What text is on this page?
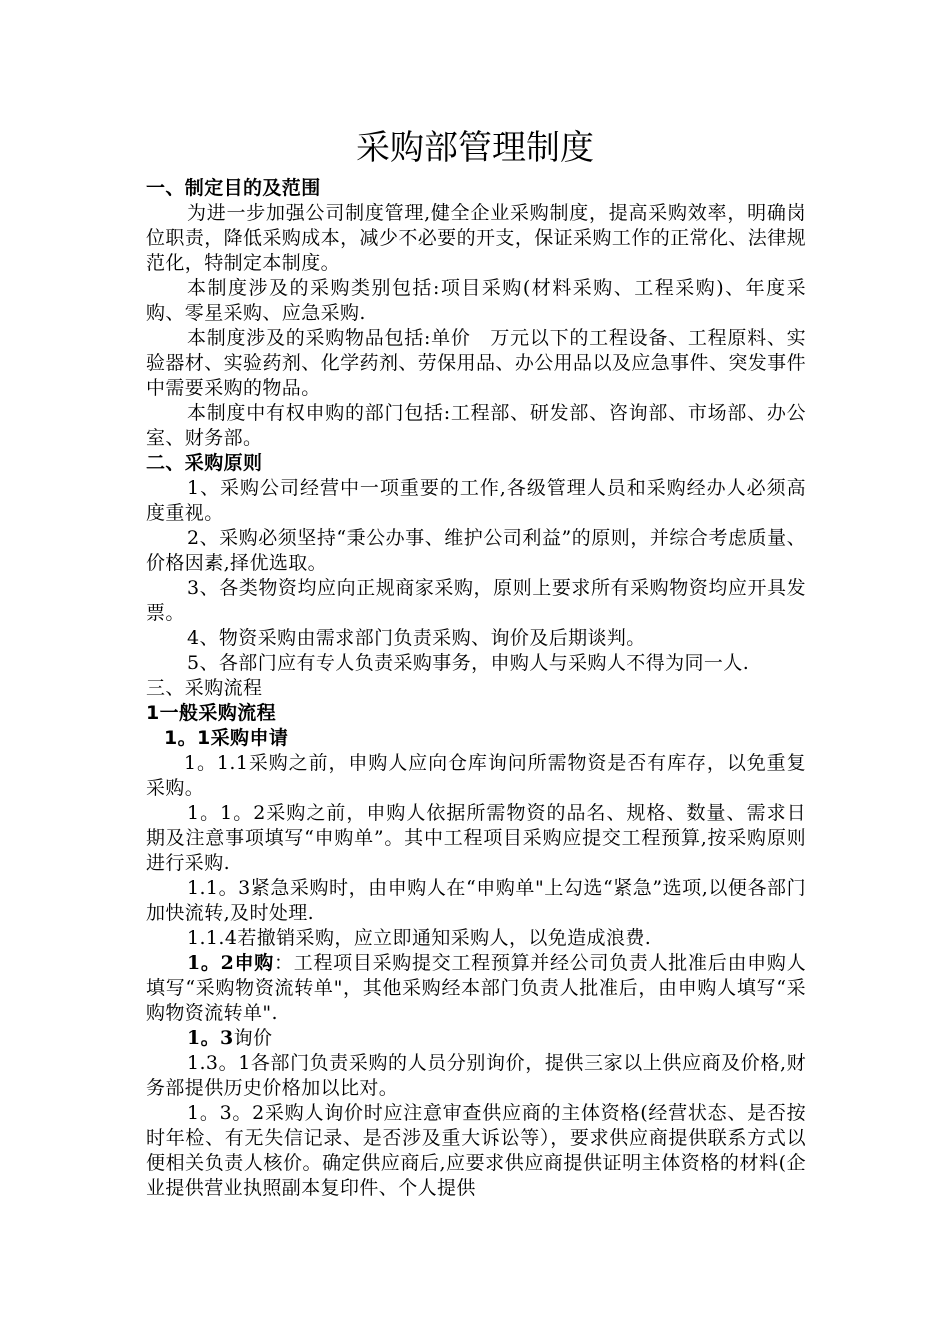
采购部管理制度

一、制定目的及范围

为进一步加强公司制度管理,健全企业采购制度，提高采购效率，明确岗位职责，降低采购成本，减少不必要的开支，保证采购工作的正常化、法律规范化，特制定本制度。

本制度涉及的采购类别包括:项目采购(材料采购、工程采购)、年度采购、零星采购、应急采购.

本制度涉及的采购物品包括:单价　万元以下的工程设备、工程原料、实验器材、实验药剂、化学药剂、劳保用品、办公用品以及应急事件、突发事件中需要采购的物品。

本制度中有权申购的部门包括:工程部、研发部、咨询部、市场部、办公室、财务部。

二、采购原则

1、采购公司经营中一项重要的工作,各级管理人员和采购经办人必须高度重视。

2、采购必须坚持“秉公办事、维护公司利益”的原则，并综合考虑质量、价格因素,择优选取。

3、各类物资均应向正规商家采购，原则上要求所有采购物资均应开具发票。

4、物资采购由需求部门负责采购、询价及后期谈判。

5、各部门应有专人负责采购事务，申购人与采购人不得为同一人.

三、采购流程

1一般采购流程

1。1采购申请

1。1.1采购之前，申购人应向仓库询问所需物资是否有库存，以免重复采购。

1。1。2采购之前，申购人依据所需物资的品名、规格、数量、需求日期及注意事项填写“申购单”。其中工程项目采购应提交工程预算,按采购原则进行采购.

1.1。3紧急采购时，由申购人在“申购单"上勾选“紧急”选项,以便各部门加快流转,及时处理.

1.1.4若撤销采购，应立即通知采购人，以免造成浪费.

1。2申购：工程项目采购提交工程预算并经公司负责人批准后由申购人填写“采购物资流转单"，其他采购经本部门负责人批准后，由申购人填写“采购物资流转单".

1。3询价

1.3。1各部门负责采购的人员分别询价，提供三家以上供应商及价格,财务部提供历史价格加以比对。

1。3。2采购人询价时应注意审查供应商的主体资格(经营状态、是否按时年检、有无失信记录、是否涉及重大诉讼等），要求供应商提供联系方式以便相关负责人核价。确定供应商后,应要求供应商提供证明主体资格的材料(企业提供营业执照副本复印件、个人提供
